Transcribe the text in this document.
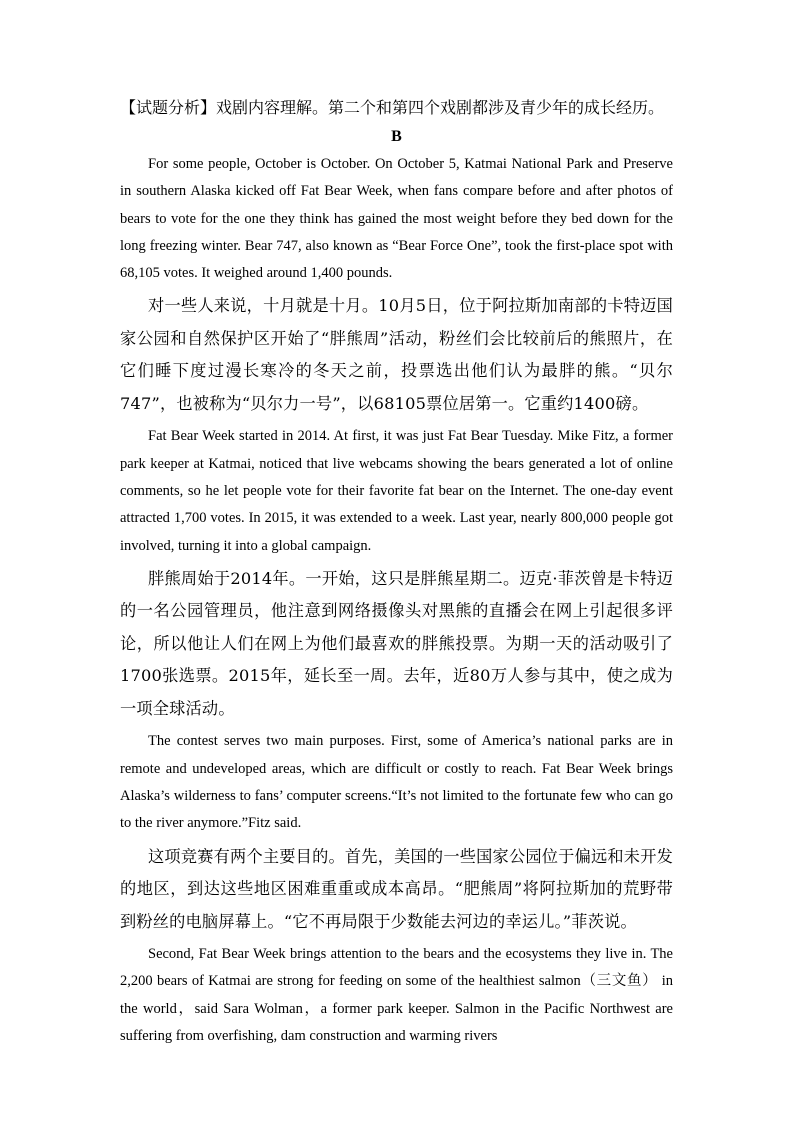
【试题分析】戏剧内容理解。第二个和第四个戏剧都涉及青少年的成长经历。

B

For some people, October is October. On October 5, Katmai National Park and Preserve in southern Alaska kicked off Fat Bear Week, when fans compare before and after photos of bears to vote for the one they think has gained the most weight before they bed down for the long freezing winter. Bear 747, also known as “Bear Force One”, took the first-place spot with 68,105 votes. It weighed around 1,400 pounds.

对一些人来说，十月就是十月。10月5日，位于阿拉斯加南部的卡特迈国家公园和自然保护区开始了“胖熊周”活动，粉丝们会比较前后的熊照片，在它们睡下度过漫长寒冷的冬天之前，投票选出他们认为最胖的熊。“贝尔747”，也被称为“贝尔力一号”，以68105票位居第一。它重约1400磅。

Fat Bear Week started in 2014. At first, it was just Fat Bear Tuesday. Mike Fitz, a former park keeper at Katmai, noticed that live webcams showing the bears generated a lot of online comments, so he let people vote for their favorite fat bear on the Internet. The one-day event attracted 1,700 votes. In 2015, it was extended to a week. Last year, nearly 800,000 people got involved, turning it into a global campaign.

胖熊周始于2014年。一开始，这只是胖熊星期二。迈克·菲茨曾是卡特迈的一名公园管理员，他注意到网络摄像头对黑熊的直播会在网上引起很多评论，所以他让人们在网上为他们最喜欢的胖熊投票。为期一天的活动吸引了1700张选票。2015年，延长至一周。去年，近80万人参与其中，使之成为一项全球活动。

The contest serves two main purposes. First, some of America’s national parks are in remote and undeveloped areas, which are difficult or costly to reach. Fat Bear Week brings Alaska’s wilderness to fans’ computer screens.“It’s not limited to the fortunate few who can go to the river anymore.”Fitz said.

这项竞赛有两个主要目的。首先，美国的一些国家公园位于偏远和未开发的地区，到达这些地区困难重重或成本高昂。“肥熊周”将阿拉斯加的荒野带到粉丝的电脑屏幕上。“它不再局限于少数能去河边的幸运儿。”菲茨说。

Second, Fat Bear Week brings attention to the bears and the ecosystems they live in. The 2,200 bears of Katmai are strong for feeding on some of the healthiest salmon（三文鱼） in the world，said Sara Wolman，a former park keeper. Salmon in the Pacific Northwest are suffering from overfishing, dam construction and warming rivers
